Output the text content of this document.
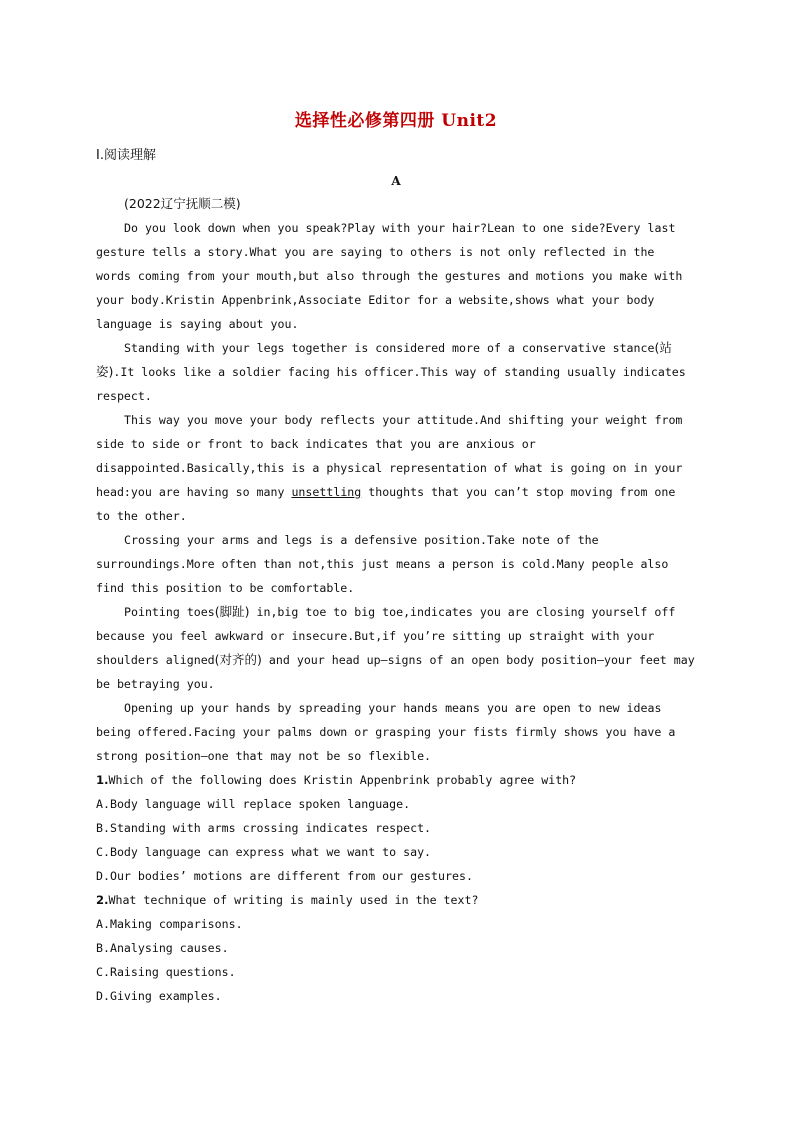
选择性必修第四册 Unit2
Ⅰ.阅读理解
A
(2022辽宁抚顺二模)

Do you look down when you speak?Play with your hair?Lean to one side?Every last gesture tells a story.What you are saying to others is not only reflected in the words coming from your mouth,but also through the gestures and motions you make with your body.Kristin Appenbrink,Associate Editor for a website,shows what your body language is saying about you.

Standing with your legs together is considered more of a conservative stance(站姿).It looks like a soldier facing his officer.This way of standing usually indicates respect.

This way you move your body reflects your attitude.And shifting your weight from side to side or front to back indicates that you are anxious or disappointed.Basically,this is a physical representation of what is going on in your head:you are having so many unsettling thoughts that you can’t stop moving from one to the other.

Crossing your arms and legs is a defensive position.Take note of the surroundings.More often than not,this just means a person is cold.Many people also find this position to be comfortable.

Pointing toes(脚趾) in,big toe to big toe,indicates you are closing yourself off because you feel awkward or insecure.But,if you’re sitting up straight with your shoulders aligned(对齐的) and your head up—signs of an open body position—your feet may be betraying you.

Opening up your hands by spreading your hands means you are open to new ideas being offered.Facing your palms down or grasping your fists firmly shows you have a strong position—one that may not be so flexible.

1.Which of the following does Kristin Appenbrink probably agree with?

A.Body language will replace spoken language.

B.Standing with arms crossing indicates respect.

C.Body language can express what we want to say.

D.Our bodies’ motions are different from our gestures.

2.What technique of writing is mainly used in the text?

A.Making comparisons.

B.Analysing causes.

C.Raising questions.

D.Giving examples.
